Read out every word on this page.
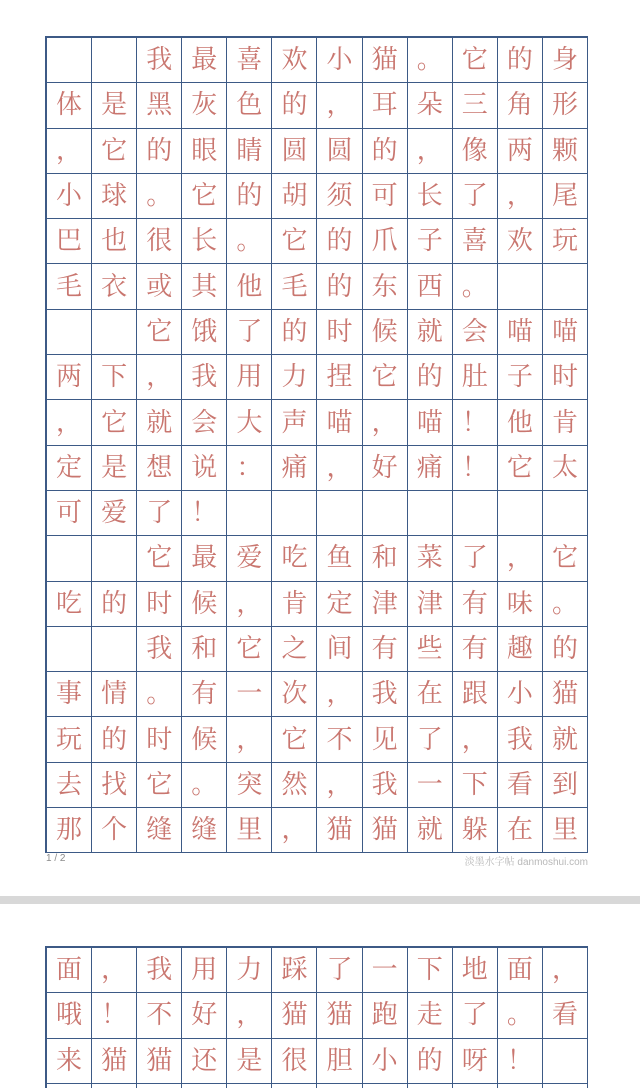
我 最 喜 欢 小 猫 。 它 的 身
体 是 黑 灰 色 的 ， 耳 朵 三 角 形
， 它 的 眼 睛 圆 圆 的 ， 像 两 颗
小 球 。 它 的 胡 须 可 长 了 ， 尾
巴 也 很 长 。 它 的 爪 子 喜 欢 玩
毛 衣 或 其 他 毛 的 东 西 。
它 饿 了 的 时 候 就 会 喵 喵
两 下 ， 我 用 力 捏 它 的 肚 子 时
， 它 就 会 大 声 喵 ， 喵 ！ 他 肯
定 是 想 说 ： 痛 ， 好 痛 ！ 它 太
可 爱 了 ！
它 最 爱 吃 鱼 和 菜 了 ， 它
吃 的 时 候 ， 肯 定 津 津 有 味 。
我 和 它 之 间 有 些 有 趣 的
事 情 。 有 一 次 ， 我 在 跟 小 猫
玩 的 时 候 ， 它 不 见 了 ， 我 就
去 找 它 。 突 然 ， 我 一 下 看 到
那 个 缝 缝 里 ， 猫 猫 就 躲 在 里
1 / 2	淡墨水字帖 danmoshui.com
面 ， 我 用 力 踩 了 一 下 地 面 ，
哦 ！ 不 好 ， 猫 猫 跑 走 了 。 看
来 猫 猫 还 是 很 胆 小 的 呀 ！
